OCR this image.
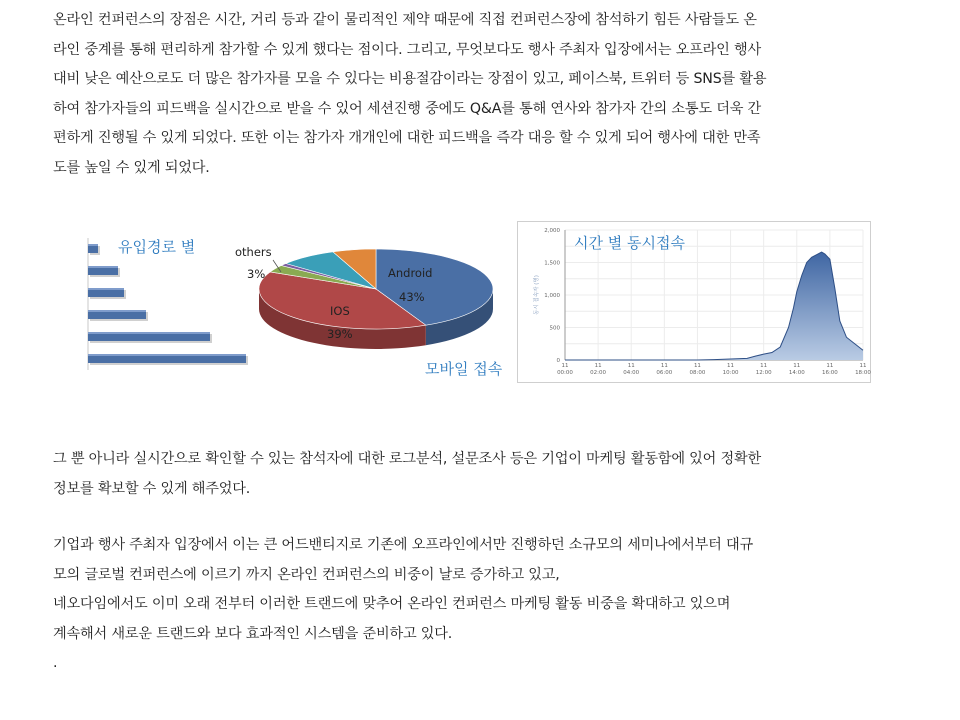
온라인 컨퍼런스의 장점은 시간, 거리 등과 같이 물리적인 제약 때문에 직접 컨퍼런스장에 참석하기 힘든 사람들도 온
라인 중계를 통해 편리하게 참가할 수 있게 했다는 점이다. 그리고, 무엇보다도 행사 주최자 입장에서는 오프라인 행사
대비 낮은 예산으로도 더 많은 참가자를 모을 수 있다는 비용절감이라는 장점이 있고, 페이스북, 트위터 등 SNS를 활용
하여 참가자들의 피드백을 실시간으로 받을 수 있어 세션진행 중에도 Q&A를 통해 연사와 참가자 간의 소통도 더욱 간
편하게 진행될 수 있게 되었다. 또한 이는 참가자 개개인에 대한 피드백을 즉각 대응 할 수 있게 되어 행사에 대한 만족
도를 높일 수 있게 되었다.

유입경로 별	others
3%	Android
43%
IOS
39%
모바일 접속	0
500
1,000
1,500
2,000
11
00:00
11
02:00
11
04:00
11
06:00
11
08:00
11
10:00
11
12:00
11
14:00
11
16:00
11
18:00
동시 접속자 (명)
시간 별 동시접속

그 뿐 아니라 실시간으로 확인할 수 있는 참석자에 대한 로그분석, 설문조사 등은 기업이 마케팅 활동함에 있어 정확한
정보를 확보할 수 있게 해주었다.

기업과 행사 주최자 입장에서 이는 큰 어드밴티지로 기존에 오프라인에서만 진행하던 소규모의 세미나에서부터 대규
모의 글로벌 컨퍼런스에 이르기 까지 온라인 컨퍼런스의 비중이 날로 증가하고 있고,
네오다임에서도 이미 오래 전부터 이러한 트랜드에 맞추어 온라인 컨퍼런스 마케팅 활동 비중을 확대하고 있으며
계속해서 새로운 트랜드와 보다 효과적인 시스템을 준비하고 있다.
.
